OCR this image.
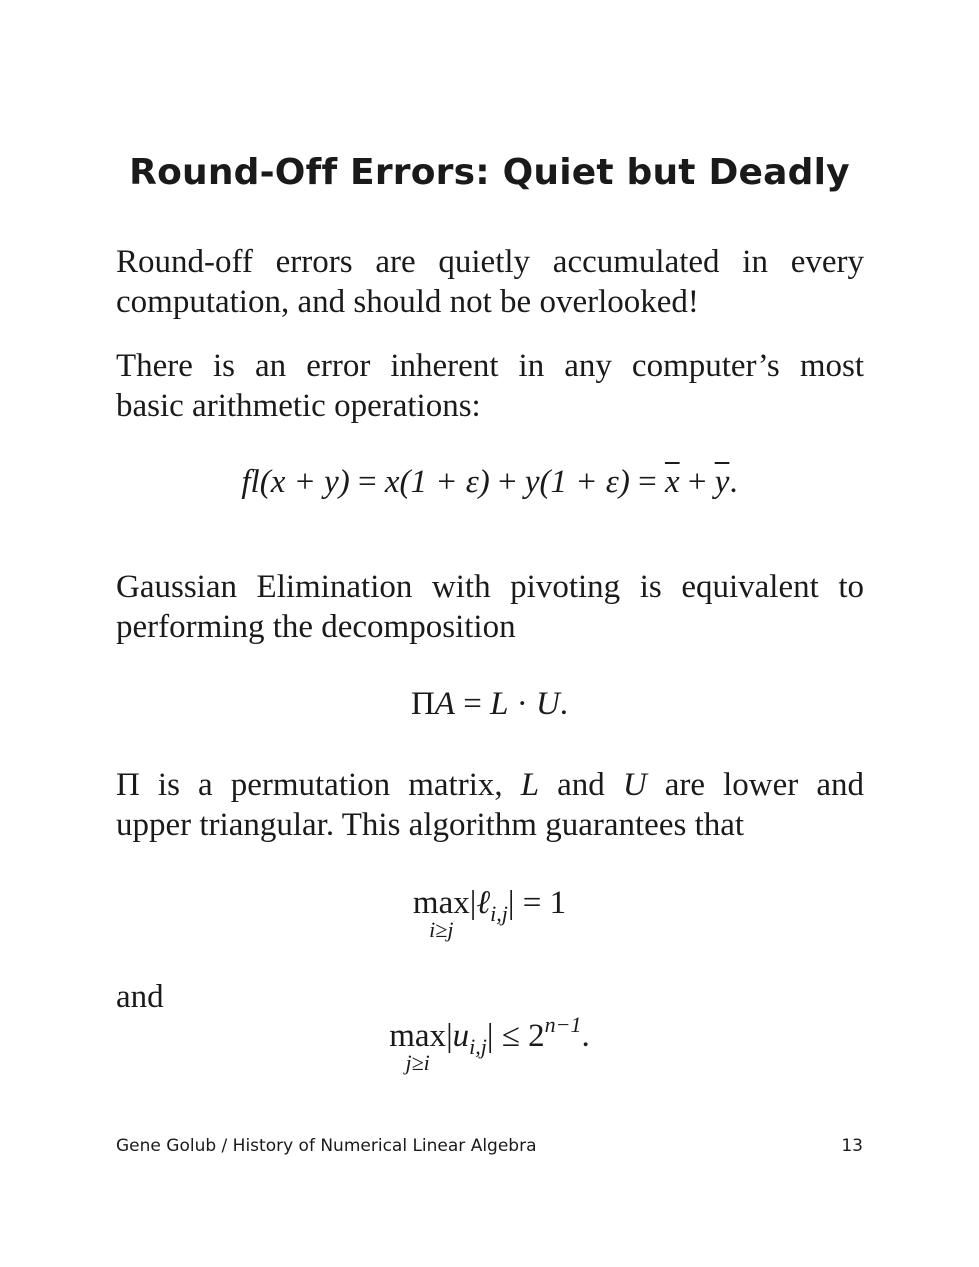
Round-Off Errors: Quiet but Deadly

Round-off errors are quietly accumulated in every
computation, and should not be overlooked!

There is an error inherent in any computer’s most
basic arithmetic operations:

$fl(x + y) = x(1 + \varepsilon) + y(1 + \varepsilon) = \overline{x} + \overline{y}$.

Gaussian Elimination with pivoting is equivalent to
performing the decomposition

ΠA = L · U.

Π is a permutation matrix, L and U are lower and
upper triangular. This algorithm guarantees that

max
i≥j
|ℓ$_{i,j}$| = 1

and

max
j≥i
$|u_{i,j}| \le 2^{n-1}$.
Gene Golub / History of Numerical Linear Algebra	13
